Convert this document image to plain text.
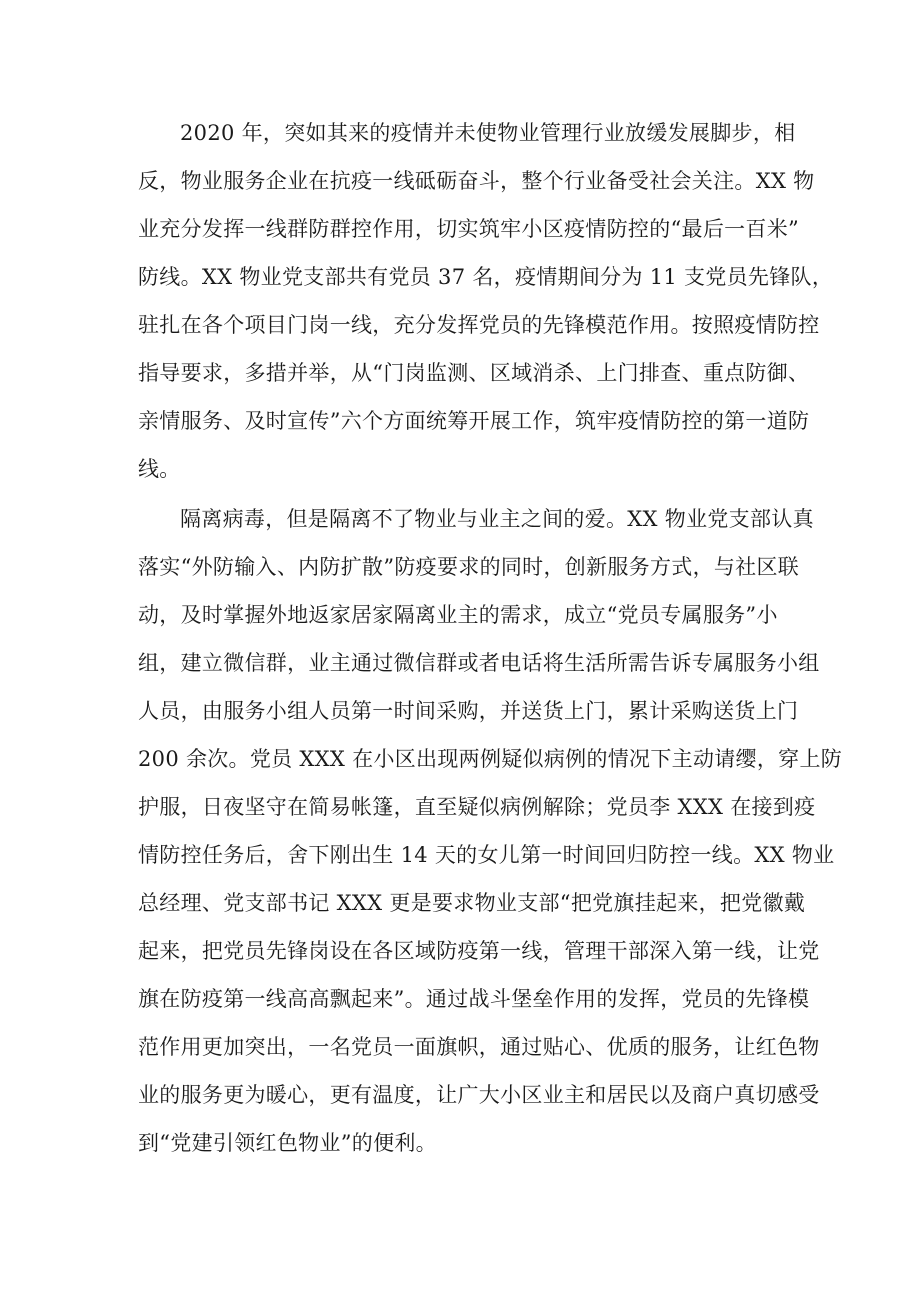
2020 年，突如其来的疫情并未使物业管理行业放缓发展脚步，相

反，物业服务企业在抗疫一线砥砺奋斗，整个行业备受社会关注。XX 物

业充分发挥一线群防群控作用，切实筑牢小区疫情防控的“最后一百米”

防线。XX 物业党支部共有党员 37 名，疫情期间分为 11 支党员先锋队，

驻扎在各个项目门岗一线，充分发挥党员的先锋模范作用。按照疫情防控

指导要求，多措并举，从“门岗监测、区域消杀、上门排查、重点防御、

亲情服务、及时宣传”六个方面统筹开展工作，筑牢疫情防控的第一道防

线。

隔离病毒，但是隔离不了物业与业主之间的爱。XX 物业党支部认真

落实“外防输入、内防扩散”防疫要求的同时，创新服务方式，与社区联

动，及时掌握外地返家居家隔离业主的需求，成立“党员专属服务”小

组，建立微信群，业主通过微信群或者电话将生活所需告诉专属服务小组

人员，由服务小组人员第一时间采购，并送货上门，累计采购送货上门

200 余次。党员 XXX 在小区出现两例疑似病例的情况下主动请缨，穿上防

护服，日夜坚守在简易帐篷，直至疑似病例解除；党员李 XXX 在接到疫

情防控任务后，舍下刚出生 14 天的女儿第一时间回归防控一线。XX 物业

总经理、党支部书记 XXX 更是要求物业支部“把党旗挂起来，把党徽戴

起来，把党员先锋岗设在各区域防疫第一线，管理干部深入第一线，让党

旗在防疫第一线高高飘起来”。通过战斗堡垒作用的发挥，党员的先锋模

范作用更加突出，一名党员一面旗帜，通过贴心、优质的服务，让红色物

业的服务更为暖心，更有温度，让广大小区业主和居民以及商户真切感受

到“党建引领红色物业”的便利。
